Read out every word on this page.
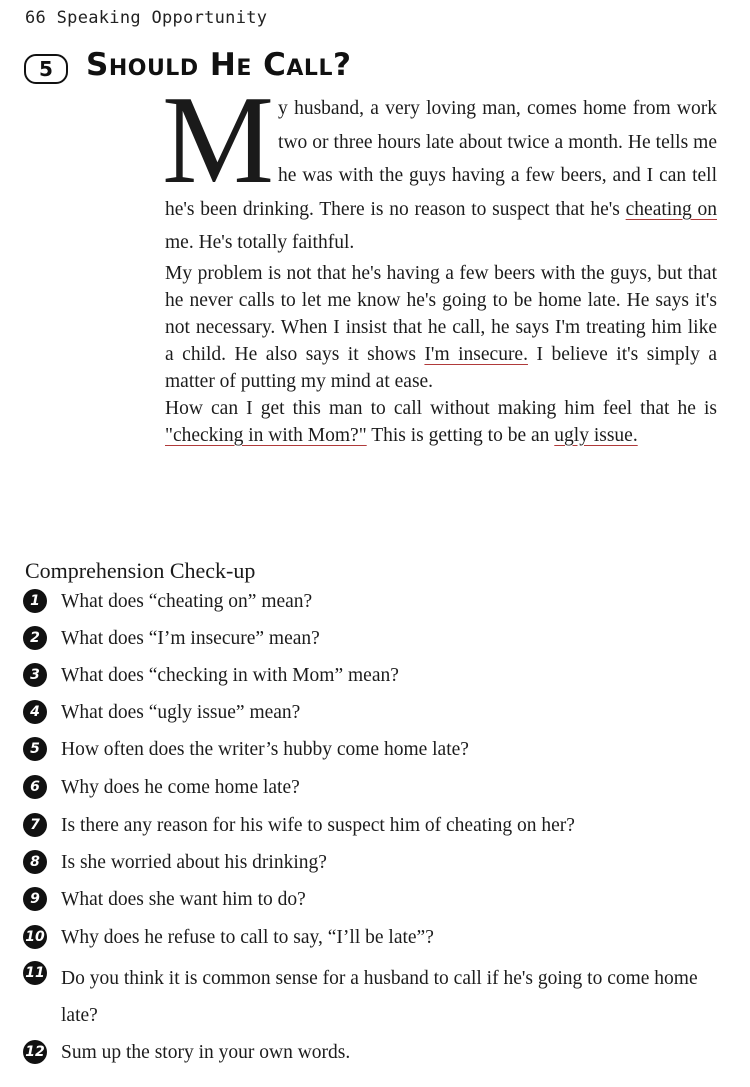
66 Speaking Opportunity
5	Should He Call?

My husband, a very loving man, comes home from work two or three hours late about twice a month. He tells me he was with the guys having a few beers, and I can tell he's been drinking. There is no reason to suspect that he's cheating on me. He's totally faithful.

My problem is not that he's having a few beers with the guys, but that he never calls to let me know he's going to be home late. He says it's not necessary. When I insist that he call, he says I'm treating him like a child. He also says it shows I'm insecure. I believe it's simply a matter of putting my mind at ease.

How can I get this man to call without making him feel that he is "checking in with Mom?" This is getting to be an ugly issue.

Comprehension Check-up
1	What does “cheating on” mean?
2	What does “I’m insecure” mean?
3	What does “checking in with Mom” mean?
4	What does “ugly issue” mean?
5	How often does the writer’s hubby come home late?
6	Why does he come home late?
7	Is there any reason for his wife to suspect him of cheating on her?
8	Is she worried about his drinking?
9	What does she want him to do?
10 Why does he refuse to call to say, “I’ll be late”?
11 Do you think it is common sense for a husband to call if he's going to come home late?
12 Sum up the story in your own words.
